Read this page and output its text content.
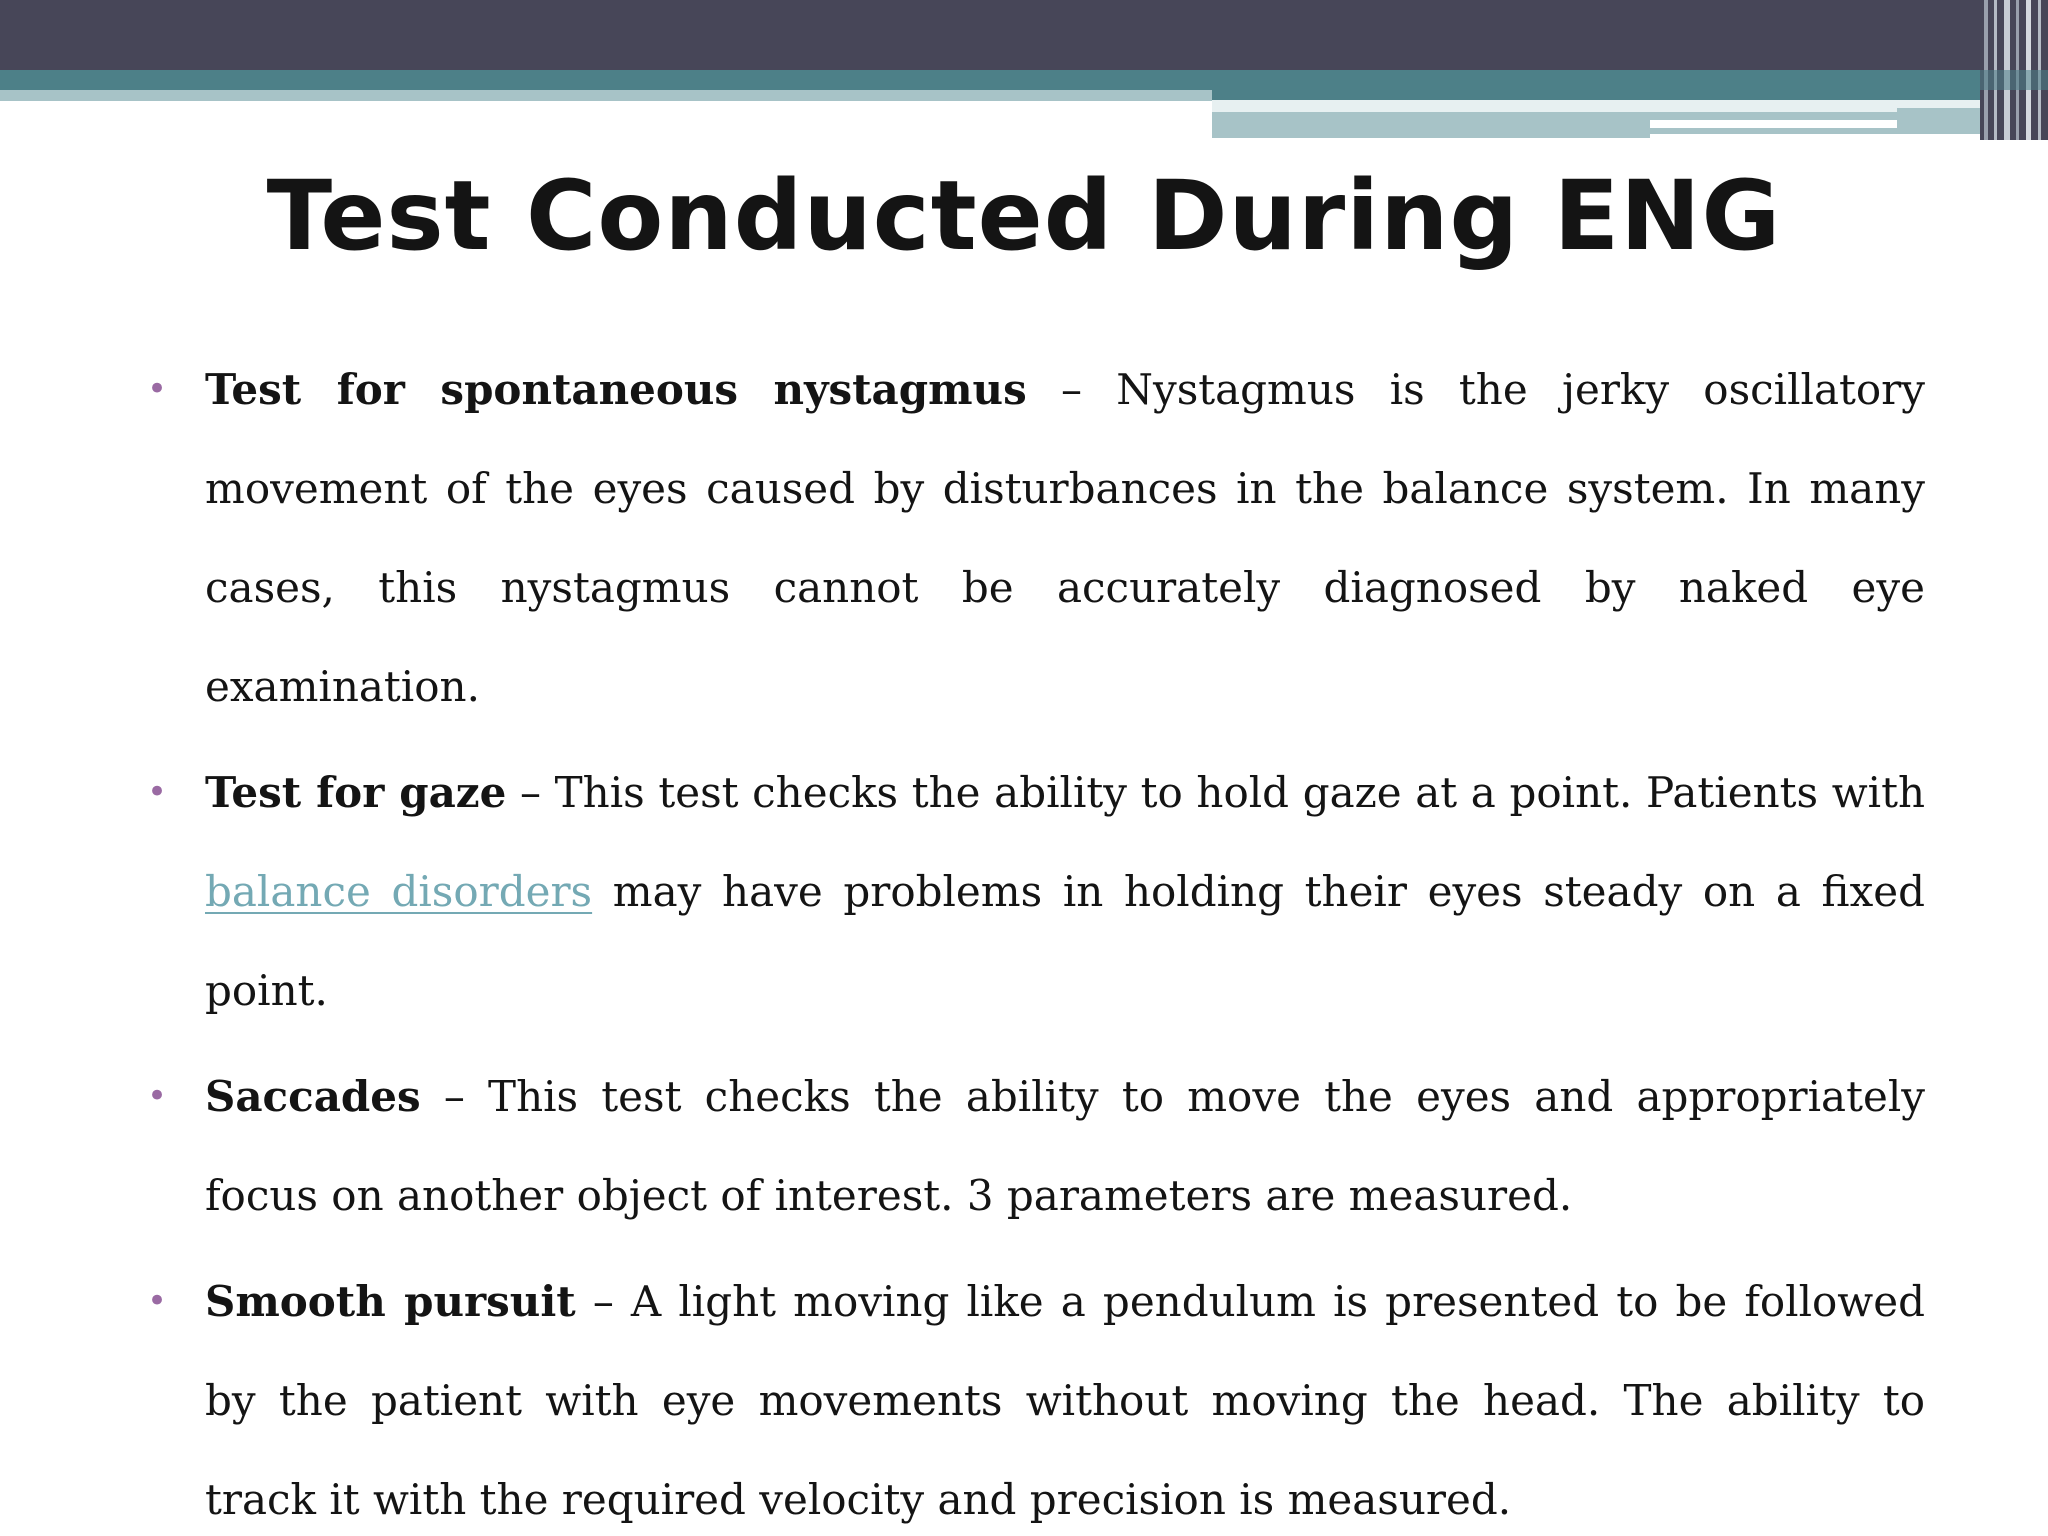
Test Conducted During ENG
• Test for spontaneous nystagmus – Nystagmus is the jerky oscillatory movement of the eyes caused by disturbances in the balance system. In many cases, this nystagmus cannot be accurately diagnosed by naked eye examination.
• Test for gaze – This test checks the ability to hold gaze at a point. Patients with balance disorders may have problems in holding their eyes steady on a fixed point.
• Saccades – This test checks the ability to move the eyes and appropriately focus on another object of interest. 3 parameters are measured.
• Smooth pursuit – A light moving like a pendulum is presented to be followed by the patient with eye movements without moving the head. The ability to track it with the required velocity and precision is measured.
